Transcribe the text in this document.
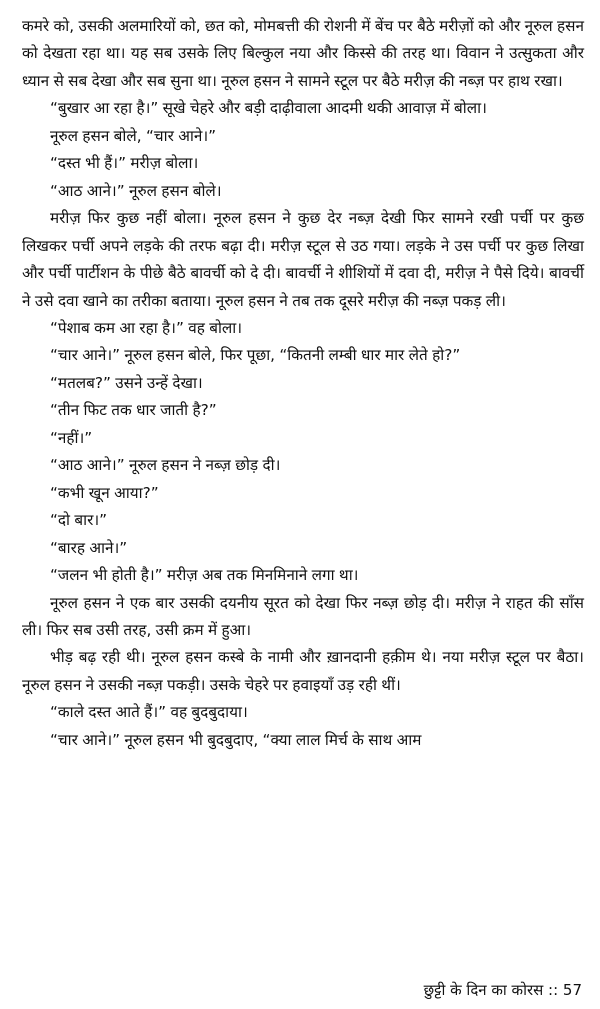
कमरे को, उसकी अलमारियों को, छत को, मोमबत्ती की रोशनी में बेंच पर बैठे मरीज़ों को और नूरुल हसन को देखता रहा था। यह सब उसके लिए बिल्कुल नया और किस्से की तरह था। विवान ने उत्सुकता और ध्यान से सब देखा और सब सुना था। नूरुल हसन ने सामने स्टूल पर बैठे मरीज़ की नब्ज़ पर हाथ रखा।

“बुखार आ रहा है।” सूखे चेहरे और बड़ी दाढ़ीवाला आदमी थकी आवाज़ में बोला।

नूरुल हसन बोले, “चार आने।”

“दस्त भी हैं।” मरीज़ बोला।

“आठ आने।” नूरुल हसन बोले।

मरीज़ फिर कुछ नहीं बोला। नूरुल हसन ने कुछ देर नब्ज़ देखी फिर सामने रखी पर्ची पर कुछ लिखकर पर्ची अपने लड़के की तरफ बढ़ा दी। मरीज़ स्टूल से उठ गया। लड़के ने उस पर्ची पर कुछ लिखा और पर्ची पार्टीशन के पीछे बैठे बावर्ची को दे दी। बावर्ची ने शीशियों में दवा दी, मरीज़ ने पैसे दिये। बावर्ची ने उसे दवा खाने का तरीका बताया। नूरुल हसन ने तब तक दूसरे मरीज़ की नब्ज़ पकड़ ली।

“पेशाब कम आ रहा है।” वह बोला।

“चार आने।” नूरुल हसन बोले, फिर पूछा, “कितनी लम्बी धार मार लेते हो?”

“मतलब?” उसने उन्हें देखा।

“तीन फिट तक धार जाती है?”

“नहीं।”

“आठ आने।” नूरुल हसन ने नब्ज़ छोड़ दी।

“कभी खून आया?”

“दो बार।”

“बारह आने।”

“जलन भी होती है।” मरीज़ अब तक मिनमिनाने लगा था।

नूरुल हसन ने एक बार उसकी दयनीय सूरत को देखा फिर नब्ज़ छोड़ दी। मरीज़ ने राहत की साँस ली। फिर सब उसी तरह, उसी क्रम में हुआ।

भीड़ बढ़ रही थी। नूरुल हसन कस्बे के नामी और ख़ानदानी हक़ीम थे। नया मरीज़ स्टूल पर बैठा। नूरुल हसन ने उसकी नब्ज़ पकड़ी। उसके चेहरे पर हवाइयाँ उड़ रही थीं।

“काले दस्त आते हैं।” वह बुदबुदाया।

“चार आने।” नूरुल हसन भी बुदबुदाए, “क्या लाल मिर्च के साथ आम

छुट्टी के दिन का कोरस :: 57
